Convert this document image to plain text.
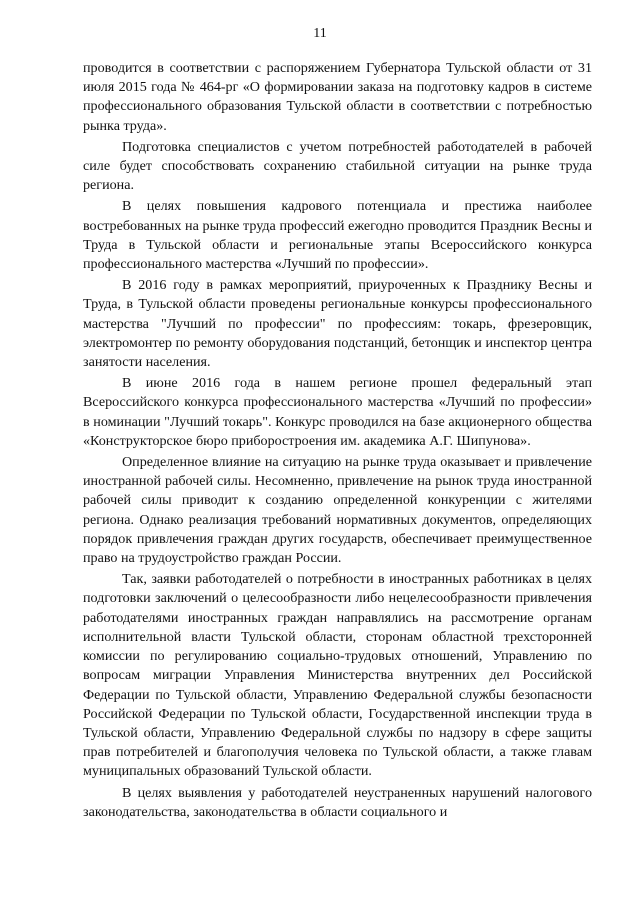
11

проводится в соответствии с распоряжением Губернатора Тульской области от 31 июля 2015 года № 464-рг «О формировании заказа на подготовку кадров в системе профессионального образования Тульской области в соответствии с потребностью рынка труда».

Подготовка специалистов с учетом потребностей работодателей в рабочей силе будет способствовать сохранению стабильной ситуации на рынке труда региона.

В целях повышения кадрового потенциала и престижа наиболее востребованных на рынке труда профессий ежегодно проводится Праздник Весны и Труда в Тульской области и региональные этапы Всероссийского конкурса профессионального мастерства «Лучший по профессии».

В 2016 году в рамках мероприятий, приуроченных к Празднику Весны и Труда, в Тульской области проведены региональные конкурсы профессионального мастерства "Лучший по профессии" по профессиям: токарь, фрезеровщик, электромонтер по ремонту оборудования подстанций, бетонщик и инспектор центра занятости населения.

В июне 2016 года в нашем регионе прошел федеральный этап Всероссийского конкурса профессионального мастерства «Лучший по профессии» в номинации "Лучший токарь". Конкурс проводился на базе акционерного общества «Конструкторское бюро приборостроения им. академика А.Г. Шипунова».

Определенное влияние на ситуацию на рынке труда оказывает и привлечение иностранной рабочей силы. Несомненно, привлечение на рынок труда иностранной рабочей силы приводит к созданию определенной конкуренции с жителями региона. Однако реализация требований нормативных документов, определяющих порядок привлечения граждан других государств, обеспечивает преимущественное право на трудоустройство граждан России.

Так, заявки работодателей о потребности в иностранных работниках в целях подготовки заключений о целесообразности либо нецелесообразности привлечения работодателями иностранных граждан направлялись на рассмотрение органам исполнительной власти Тульской области, сторонам областной трехсторонней комиссии по регулированию социально-трудовых отношений, Управлению по вопросам миграции Управления Министерства внутренних дел Российской Федерации по Тульской области, Управлению Федеральной службы безопасности Российской Федерации по Тульской области, Государственной инспекции труда в Тульской области, Управлению Федеральной службы по надзору в сфере защиты прав потребителей и благополучия человека по Тульской области, а также главам муниципальных образований Тульской области.

В целях выявления у работодателей неустраненных нарушений налогового законодательства, законодательства в области социального и
